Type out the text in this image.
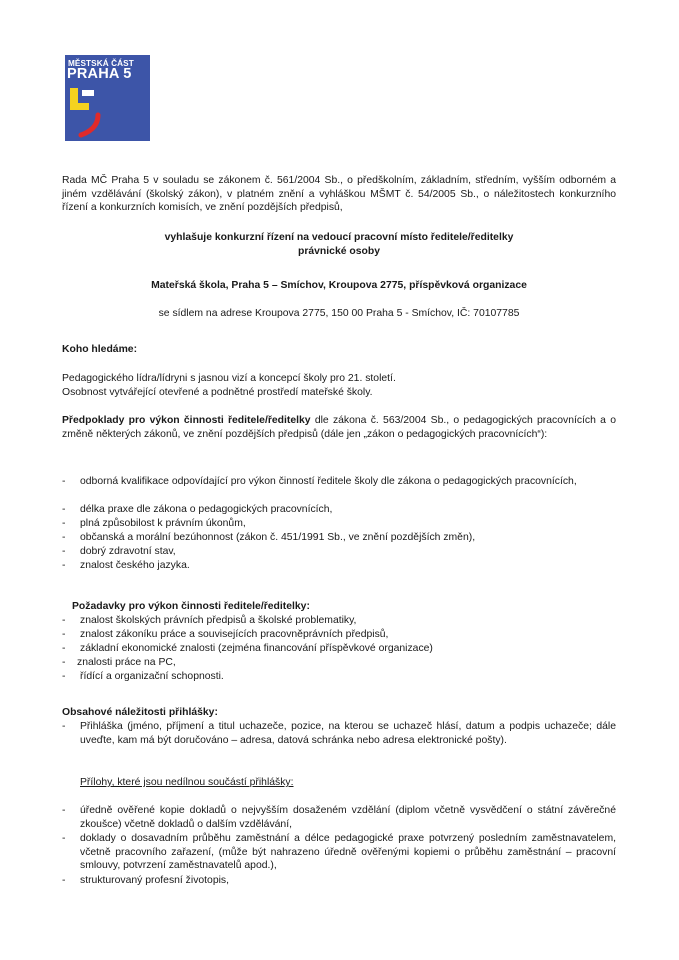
MĚSTSKÁ ČÁST
PRAHA 5
Rada MČ Praha 5 v souladu se zákonem č. 561/2004 Sb., o předškolním, základním, středním, vyšším odborném a jiném vzdělávání (školský zákon), v platném znění a vyhláškou MŠMT č. 54/2005 Sb., o náležitostech konkurzního řízení a konkurzních komisích, ve znění pozdějších předpisů,
vyhlašuje konkurzní řízení na vedoucí pracovní místo ředitele/ředitelky
právnické osoby
Mateřská škola, Praha 5 – Smíchov, Kroupova 2775, příspěvková organizace
se sídlem na adrese Kroupova 2775, 150 00 Praha 5 - Smíchov, IČ: 70107785
Koho hledáme:
Pedagogického lídra/lídryni s jasnou vizí a koncepcí školy pro 21. století.
Osobnost vytvářející otevřené a podnětné prostředí mateřské školy.
Předpoklady pro výkon činnosti ředitele/ředitelky dle zákona č. 563/2004 Sb., o pedagogických pracovnících a o změně některých zákonů, ve znění pozdějších předpisů (dále jen „zákon o pedagogických pracovnících“):
- odborná kvalifikace odpovídající pro výkon činností ředitele školy dle zákona o pedagogických pracovnících,
- délka praxe dle zákona o pedagogických pracovnících,
- plná způsobilost k právním úkonům,
- občanská a morální bezúhonnost (zákon č. 451/1991 Sb., ve znění pozdějších změn),
- dobrý zdravotní stav,
- znalost českého jazyka.
Požadavky pro výkon činnosti ředitele/ředitelky:
- znalost školských právních předpisů a školské problematiky,
- znalost zákoníku práce a souvisejících pracovněprávních předpisů,
- základní ekonomické znalosti (zejména financování příspěvkové organizace)
- znalosti práce na PC,
- řídící a organizační schopnosti.
Obsahové náležitosti přihlášky:
- Přihláška (jméno, příjmení a titul uchazeče, pozice, na kterou se uchazeč hlásí, datum a podpis uchazeče; dále uveďte, kam má být doručováno – adresa, datová schránka nebo adresa elektronické pošty).
Přílohy, které jsou nedílnou součástí přihlášky:
- úředně ověřené kopie dokladů o nejvyšším dosaženém vzdělání (diplom včetně vysvědčení o státní závěrečné zkoušce) včetně dokladů o dalším vzdělávání,
- doklady o dosavadním průběhu zaměstnání a délce pedagogické praxe potvrzený posledním zaměstnavatelem, včetně pracovního zařazení, (může být nahrazeno úředně ověřenými kopiemi o průběhu zaměstnání – pracovní smlouvy, potvrzení zaměstnavatelů apod.),
- strukturovaný profesní životopis,
